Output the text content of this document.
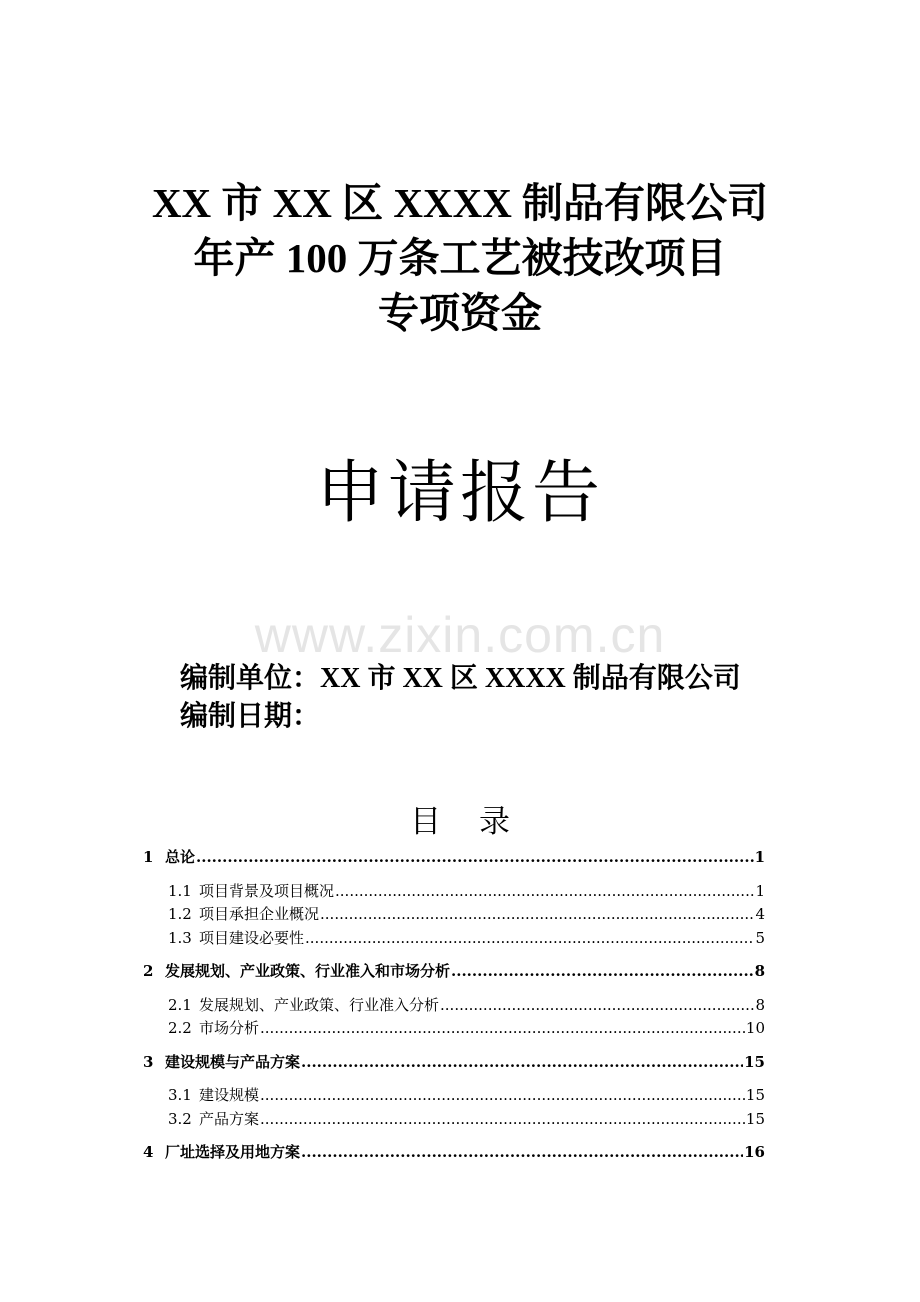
XX 市 XX 区 XXXX 制品有限公司
年产 100 万条工艺被技改项目
专项资金
申请报告
www.zixin.com.cn
编制单位：XX 市 XX 区 XXXX 制品有限公司
编制日期：
目 录
1 总论 .....	1
1.1 项目背景及项目概况 .....	1
1.2 项目承担企业概况 .....	4
1.3 项目建设必要性 .....	5
2 发展规划、产业政策、行业准入和市场分析 .....	8
2.1 发展规划、产业政策、行业准入分析 .....	8
2.2 市场分析 .....	10
3 建设规模与产品方案 .....	15
3.1 建设规模 .....	15
3.2 产品方案 .....	15
4 厂址选择及用地方案 .....	16
